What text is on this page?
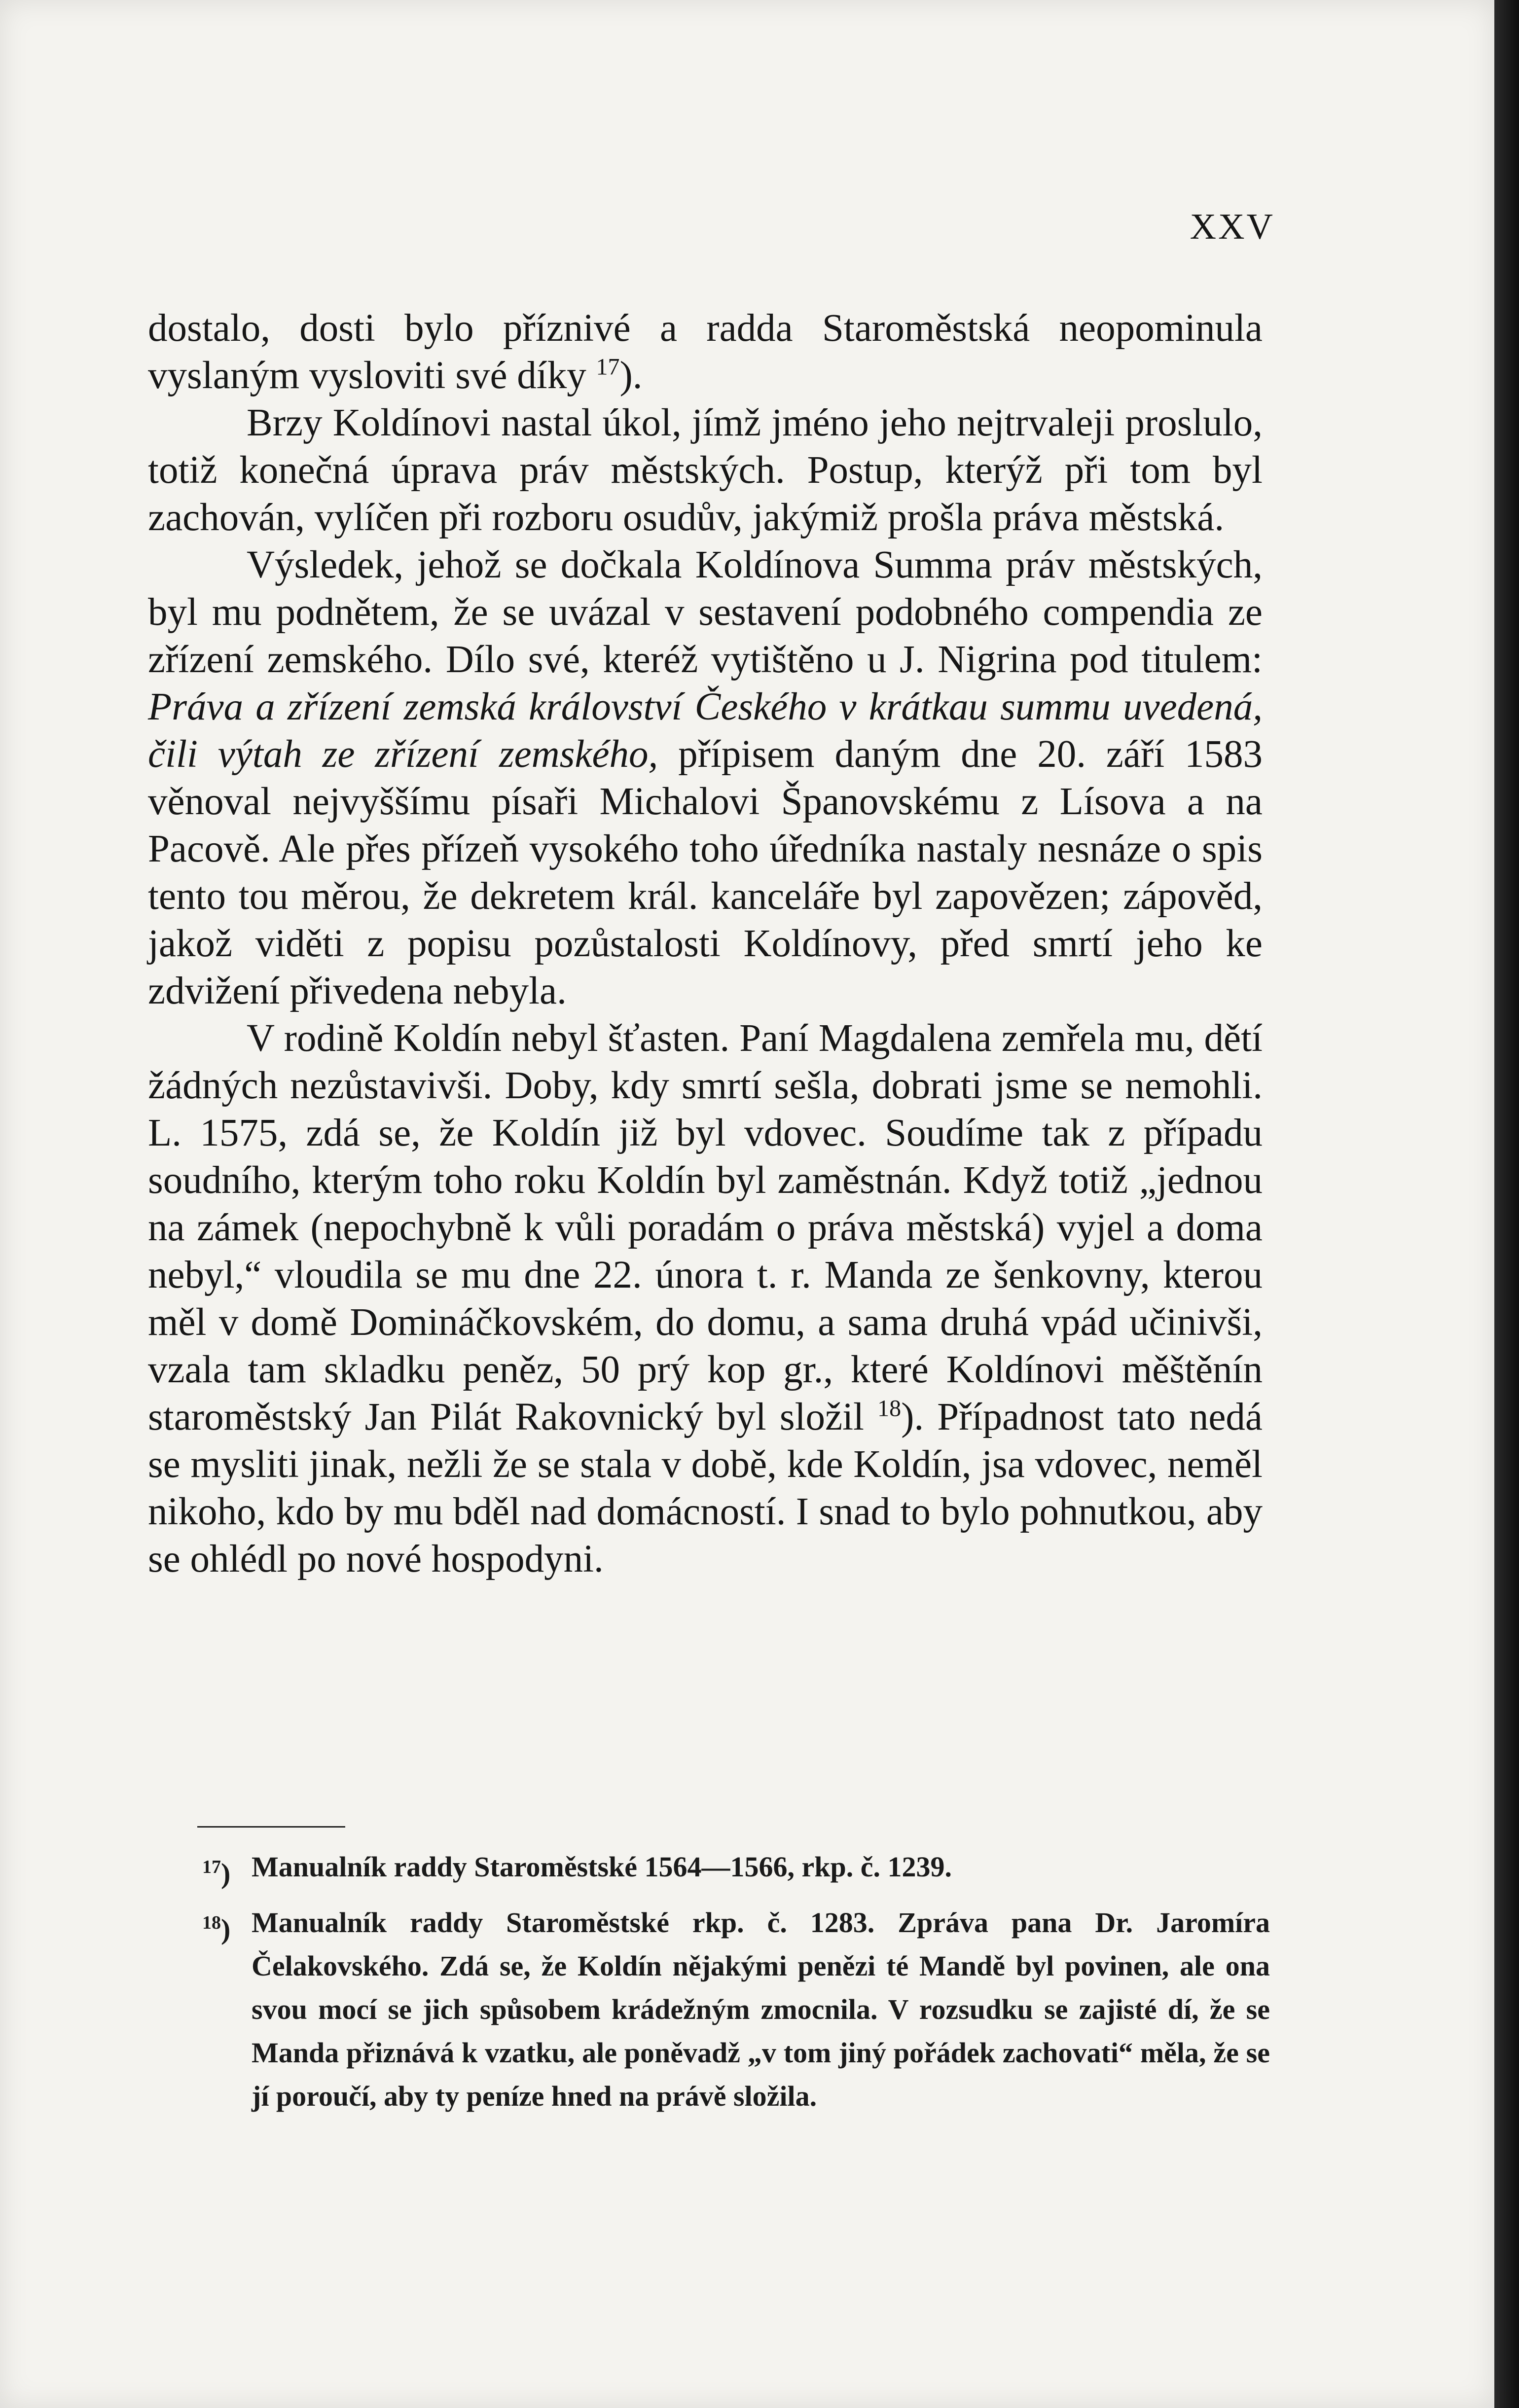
XXV

dostalo, dosti bylo příznivé a radda Staroměstská neopominula vyslaným vysloviti své díky $^{17}$).

Brzy Koldínovi nastal úkol, jímž jméno jeho nejtrvaleji proslulo, totiž konečná úprava práv městských. Postup, kterýž při tom byl zachován, vylíčen při rozboru osudův, jakýmiž prošla práva městská.

Výsledek, jehož se dočkala Koldínova Summa práv městských, byl mu podnětem, že se uvázal v sestavení podobného compendia ze zřízení zemského. Dílo své, kteréž vytištěno u J. Nigrina pod titulem: Práva a zřízení zemská království Českého v krátkau summu uvedená, čili výtah ze zřízení zemského, přípisem daným dne 20. září 1583 věnoval nejvyššímu písaři Michalovi Španovskému z Lísova a na Pacově. Ale přes přízeň vysokého toho úředníka nastaly nesnáze o spis tento tou měrou, že dekretem král. kanceláře byl zapovězen; zápověd, jakož viděti z popisu pozůstalosti Koldínovy, před smrtí jeho ke zdvižení přivedena nebyla.

V rodině Koldín nebyl šťasten. Paní Magdalena zemřela mu, dětí žádných nezůstavivši. Doby, kdy smrtí sešla, dobrati jsme se nemohli. L. 1575, zdá se, že Koldín již byl vdovec. Soudíme tak z případu soudního, kterým toho roku Koldín byl zaměstnán. Když totiž „jednou na zámek (nepochybně k vůli poradám o práva městská) vyjel a doma nebyl,“ vloudila se mu dne 22. února t. r. Manda ze šenkovny, kterou měl v domě Domináčkovském, do domu, a sama druhá vpád učinivši, vzala tam skladku peněz, 50 prý kop gr., které Koldínovi měštěnín staroměstský Jan Pilát Rakovnický byl složil $^{18}$). Případnost tato nedá se mysliti jinak, nežli že se stala v době, kde Koldín, jsa vdovec, neměl nikoho, kdo by mu bděl nad domácností. I snad to bylo pohnutkou, aby se ohlédl po nové hospodyni.

$^{17}$) Manualník raddy Staroměstské 1564—1566, rkp. č. 1239.
$^{18}$) Manualník raddy Staroměstské rkp. č. 1283. Zpráva pana Dr. Jaromíra Čelakovského. Zdá se, že Koldín nějakými penězi té Mandě byl povinen, ale ona svou mocí se jich spůsobem krádežným zmocnila. V rozsudku se zajisté dí, že se Manda přiznává k vzatku, ale poněvadž „v tom jiný pořádek zachovati“ měla, že se jí poroučí, aby ty peníze hned na právě složila.
